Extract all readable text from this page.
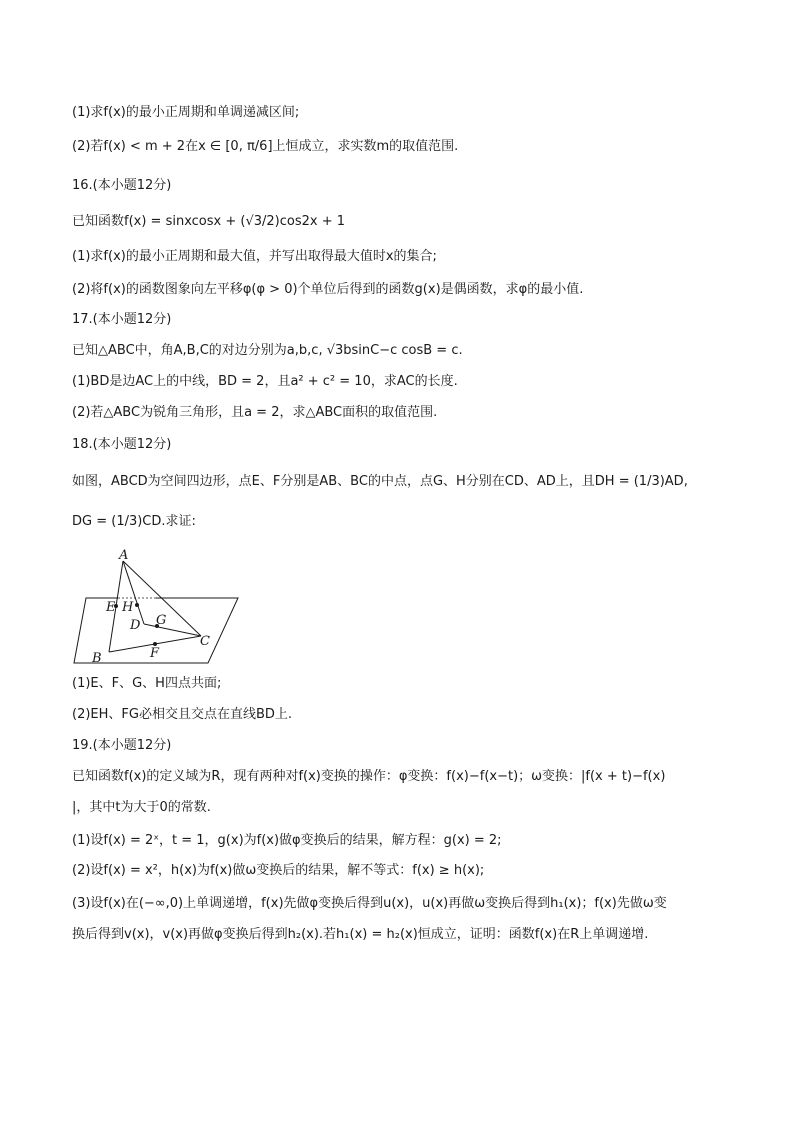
(1)求f(x)的最小正周期和单调递减区间;
(2)若f(x) < m + 2在x ∈ [0, π/6]上恒成立，求实数m的取值范围.
16.(本小题12分)
已知函数f(x) = sinxcosx + (√3/2)cos2x + 1
(1)求f(x)的最小正周期和最大值，并写出取得最大值时x的集合;
(2)将f(x)的函数图象向左平移φ(φ > 0)个单位后得到的函数g(x)是偶函数，求φ的最小值.
17.(本小题12分)
已知△ABC中，角A,B,C的对边分别为a,b,c, √3bsinC−c cosB = c.
(1)BD是边AC上的中线，BD = 2，且a² + c² = 10，求AC的长度.
(2)若△ABC为锐角三角形，且a = 2，求△ABC面积的取值范围.
18.(本小题12分)
如图，ABCD为空间四边形，点E、F分别是AB、BC的中点，点G、H分别在CD、AD上，且DH = (1/3)AD,
DG = (1/3)CD.求证:
A
B
C
D
E
F
G
H
(1)E、F、G、H四点共面;
(2)EH、FG必相交且交点在直线BD上.
19.(本小题12分)
已知函数f(x)的定义域为R，现有两种对f(x)变换的操作：φ变换：f(x)−f(x−t)；ω变换：|f(x + t)−f(x)
|，其中t为大于0的常数.
(1)设f(x) = 2ˣ，t = 1，g(x)为f(x)做φ变换后的结果，解方程：g(x) = 2;
(2)设f(x) = x²，h(x)为f(x)做ω变换后的结果，解不等式：f(x) ≥ h(x);
(3)设f(x)在(−∞,0)上单调递增，f(x)先做φ变换后得到u(x)，u(x)再做ω变换后得到h₁(x)；f(x)先做ω变
换后得到v(x)，v(x)再做φ变换后得到h₂(x).若h₁(x) = h₂(x)恒成立，证明：函数f(x)在R上单调递增.
